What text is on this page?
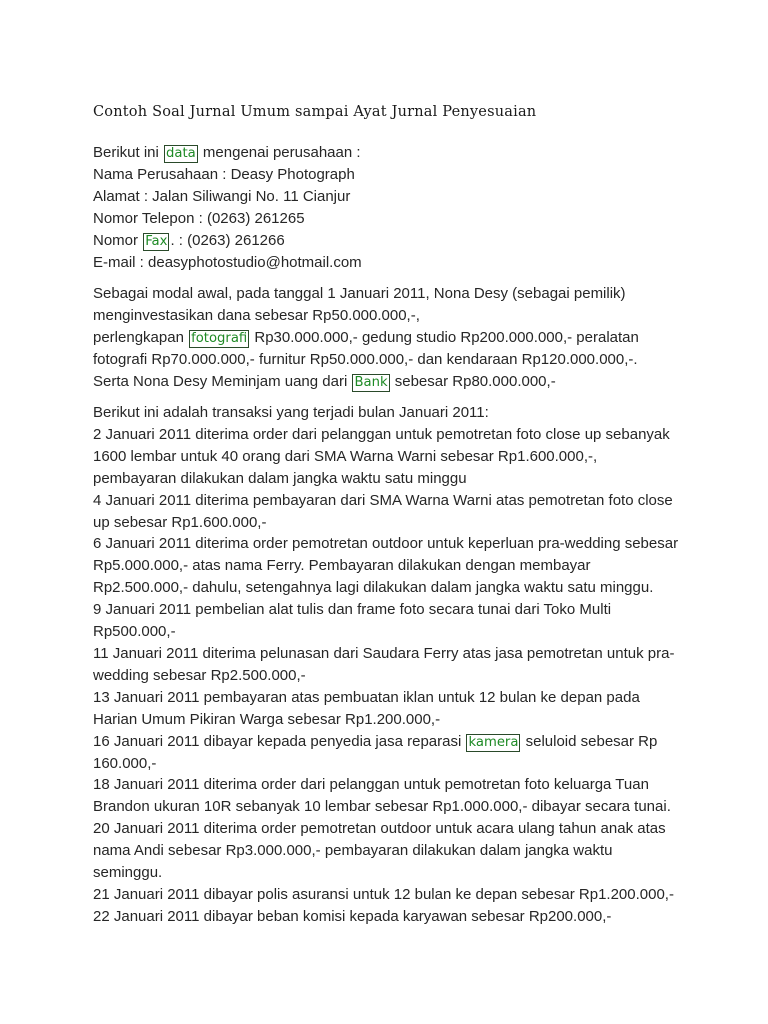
Contoh Soal Jurnal Umum sampai Ayat Jurnal Penyesuaian
Berikut ini data mengenai perusahaan :
Nama Perusahaan : Deasy Photograph
Alamat : Jalan Siliwangi No. 11 Cianjur
Nomor Telepon : (0263) 261265
Nomor Fax . : (0263) 261266
E-mail : deasyphotostudio@hotmail.com
Sebagai modal awal, pada tanggal 1 Januari 2011, Nona Desy (sebagai pemilik)
menginvestasikan dana sebesar Rp50.000.000,-,
perlengkapan fotografi Rp30.000.000,- gedung studio Rp200.000.000,- peralatan
fotografi Rp70.000.000,- furnitur Rp50.000.000,- dan kendaraan Rp120.000.000,-.
Serta Nona Desy Meminjam uang dari Bank sebesar Rp80.000.000,-
Berikut ini adalah transaksi yang terjadi bulan Januari 2011:
2 Januari 2011 diterima order dari pelanggan untuk pemotretan foto close up sebanyak
1600 lembar untuk 40 orang dari SMA Warna Warni sebesar Rp1.600.000,-,
pembayaran dilakukan dalam jangka waktu satu minggu
4 Januari 2011 diterima pembayaran dari SMA Warna Warni atas pemotretan foto close
up sebesar Rp1.600.000,-
6 Januari 2011 diterima order pemotretan outdoor untuk keperluan pra-wedding sebesar
Rp5.000.000,- atas nama Ferry. Pembayaran dilakukan dengan membayar
Rp2.500.000,- dahulu, setengahnya lagi dilakukan dalam jangka waktu satu minggu.
9 Januari 2011 pembelian alat tulis dan frame foto secara tunai dari Toko Multi
Rp500.000,-
11 Januari 2011 diterima pelunasan dari Saudara Ferry atas jasa pemotretan untuk pra-
wedding sebesar Rp2.500.000,-
13 Januari 2011 pembayaran atas pembuatan iklan untuk 12 bulan ke depan pada
Harian Umum Pikiran Warga sebesar Rp1.200.000,-
16 Januari 2011 dibayar kepada penyedia jasa reparasi kamera seluloid sebesar Rp
160.000,-
18 Januari 2011 diterima order dari pelanggan untuk pemotretan foto keluarga Tuan
Brandon ukuran 10R sebanyak 10 lembar sebesar Rp1.000.000,- dibayar secara tunai.
20 Januari 2011 diterima order pemotretan outdoor untuk acara ulang tahun anak atas
nama Andi sebesar Rp3.000.000,- pembayaran dilakukan dalam jangka waktu
seminggu.
21 Januari 2011 dibayar polis asuransi untuk 12 bulan ke depan sebesar Rp1.200.000,-
22 Januari 2011 dibayar beban komisi kepada karyawan sebesar Rp200.000,-
